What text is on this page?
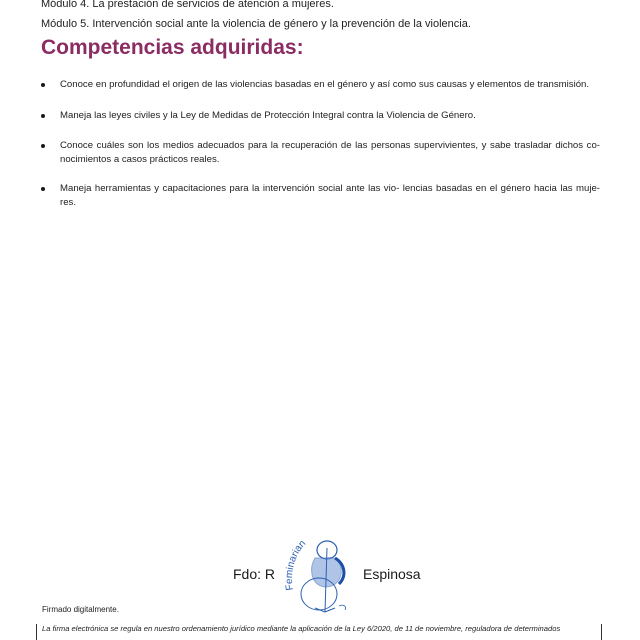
Módulo 4. La prestación de servicios de atención a mujeres.
Módulo 5. Intervención social ante la violencia de género y la prevención de la violencia.
Competencias adquiridas:
Conoce en profundidad el origen de las violencias basadas en el género y así como sus causas y elementos de transmisión.
Maneja las leyes civiles y la Ley de Medidas de Protección Integral contra la Violencia de Género.
Conoce cuáles son los medios adecuados para la recuperación de las personas supervivientes, y sabe trasladar dichos co- nocimientos a casos prácticos reales.
Maneja herramientas y capacitaciones para la intervención social ante las vio- lencias basadas en el género hacia las muje- res.
Fdo: R
Feminarian
Espinosa
Firmado digitalmente.
La firma electrónica se regula en nuestro ordenamiento jurídico mediante la aplicación de la Ley 6/2020, de 11 de noviembre, reguladora de determinados
